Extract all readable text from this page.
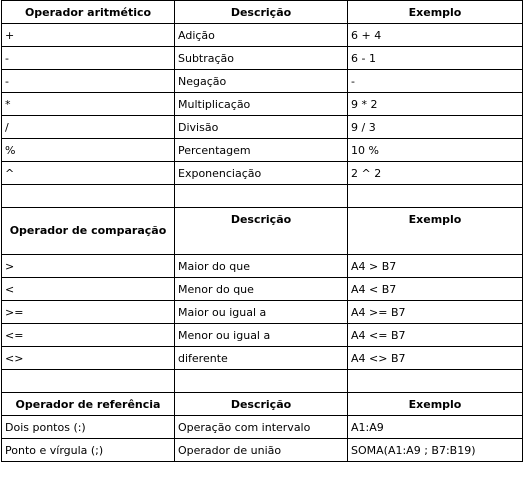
Operador aritmético	Descrição	Exemplo
+	Adição	6 + 4
-	Subtração	6 - 1
-	Negação	-
*	Multiplicação	9 * 2
/	Divisão	9 / 3
%	Percentagem	10 %
^	Exponenciação	2 ^ 2

Operador de comparação	Descrição	Exemplo
>	Maior do que	A4 > B7
<	Menor do que	A4 < B7
>=	Maior ou igual a	A4 >= B7
<=	Menor ou igual a	A4 <= B7
<>	diferente	A4 <> B7

Operador de referência	Descrição	Exemplo
Dois pontos (:)	Operação com intervalo	A1:A9
Ponto e vírgula (;)	Operador de união	SOMA(A1:A9 ; B7:B19)
